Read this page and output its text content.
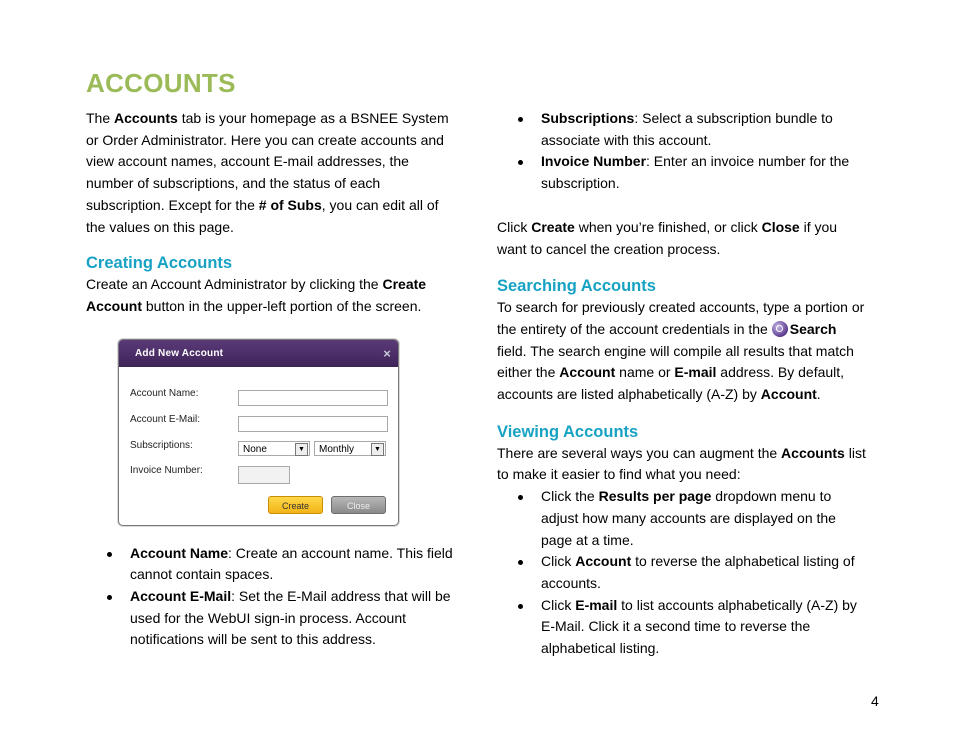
ACCOUNTS

The Accounts tab is your homepage as a BSNEE System or Order Administrator. Here you can create accounts and view account names, account E-mail addresses, the number of subscriptions, and the status of each subscription. Except for the # of Subs, you can edit all of the values on this page.

Creating Accounts

Create an Account Administrator by clicking the Create Account button in the upper-left portion of the screen.

Account Name: Create an account name. This field cannot contain spaces.
Account E-Mail: Set the E-Mail address that will be used for the WebUI sign-in process. Account notifications will be sent to this address.
Add New Account	×
Account Name:
Account E-Mail:
Subscriptions:	None	▼	Monthly	▼
Invoice Number:
Create	Close
Subscriptions: Select a subscription bundle to associate with this account.
Invoice Number: Enter an invoice number for the subscription.

Click Create when you’re finished, or click Close if you want to cancel the creation process.

Searching Accounts

To search for previously created accounts, type a portion or the entirety of the account credentials in the Search field. The search engine will compile all results that match either the Account name or E-mail address. By default, accounts are listed alphabetically (A-Z) by Account.

Viewing Accounts

There are several ways you can augment the Accounts list to make it easier to find what you need:

Click the Results per page dropdown menu to adjust how many accounts are displayed on the page at a time.
Click Account to reverse the alphabetical listing of accounts.
Click E-mail to list accounts alphabetically (A-Z) by E-Mail. Click it a second time to reverse the alphabetical listing.
4
